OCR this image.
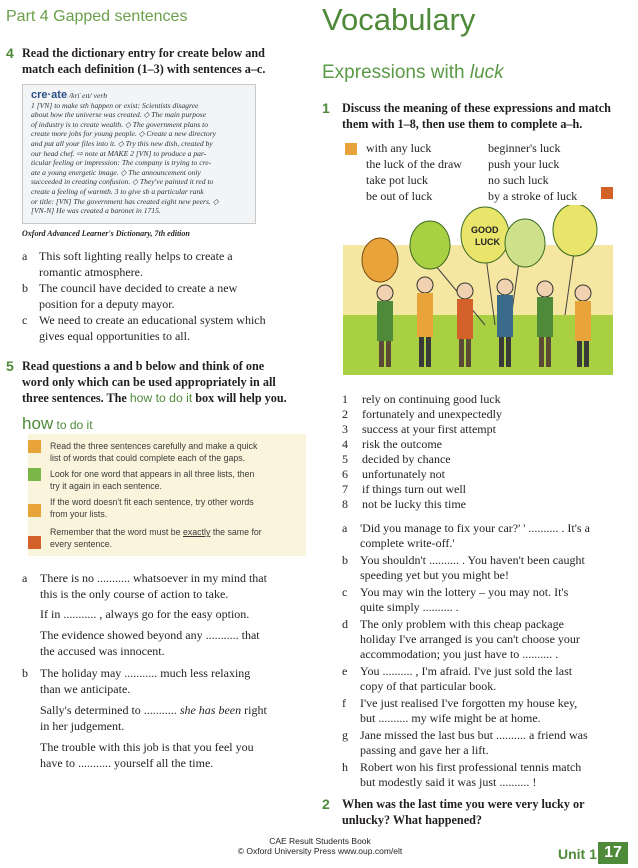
Part 4 Gapped sentences
4 Read the dictionary entry for create below and
match each definition (1–3) with sentences a–c.
cre·ate /kriˈeɪt/ verb
1 [VN] to make sth happen or exist: Scientists disagree
about how the universe was created. ◇ The main purpose
of industry is to create wealth. ◇ The government plans to
create more jobs for young people. ◇ Create a new directory
and put all your files into it. ◇ Try this new dish, created by
our head chef. ⇨ note at MAKE 2 [VN] to produce a par-
ticular feeling or impression: The company is trying to cre-
ate a young energetic image. ◇ The announcement only
succeeded in creating confusion. ◇ They've painted it red to
create a feeling of warmth. 3 to give sb a particular rank
or title: [VN] The government has created eight new peers. ◇
[VN-N] He was created a baronet in 1715.
Oxford Advanced Learner's Dictionary, 7th edition
a This soft lighting really helps to create a
romantic atmosphere.
b The council have decided to create a new
position for a deputy mayor.
c We need to create an educational system which
gives equal opportunities to all.
5 Read questions a and b below and think of one
word only which can be used appropriately in all
three sentences. The how to do it box will help you.
how to do it
Read the three sentences carefully and make a quick
list of words that could complete each of the gaps.
Look for one word that appears in all three lists, then
try it again in each sentence.
If the word doesn't fit each sentence, try other words
from your lists.
Remember that the word must be exactly the same for
every sentence.
a There is no ........... whatsoever in my mind that
this is the only course of action to take.
If in ........... , always go for the easy option.
The evidence showed beyond any ........... that
the accused was innocent.
b The holiday may ........... much less relaxing
than we anticipate.
Sally's determined to ........... she has been right
in her judgement.
The trouble with this job is that you feel you
have to ........... yourself all the time.
Vocabulary
Expressions with luck
1 Discuss the meaning of these expressions and match
them with 1–8, then use them to complete a–h.
with any luck
the luck of the draw
take pot luck
be out of luck
beginner's luck
push your luck
no such luck
by a stroke of luck
GOOD
LUCK
1 rely on continuing good luck
2 fortunately and unexpectedly
3 success at your first attempt
4 risk the outcome
5 decided by chance
6 unfortunately not
7 if things turn out well
8 not be lucky this time
a 'Did you manage to fix your car?' ' .......... . It's a
complete write-off.'
b You shouldn't .......... . You haven't been caught
speeding yet but you might be!
c You may win the lottery – you may not. It's
quite simply .......... .
d The only problem with this cheap package
holiday I've arranged is you can't choose your
accommodation; you just have to .......... .
e You .......... , I'm afraid. I've just sold the last
copy of that particular book.
f I've just realised I've forgotten my house key,
but .......... my wife might be at home.
g Jane missed the last bus but .......... a friend was
passing and gave her a lift.
h Robert won his first professional tennis match
but modestly said it was just .......... !
2 When was the last time you were very lucky or
unlucky? What happened?
CAE Result Students Book
© Oxford University Press www.oup.com/elt	Unit 1 17
